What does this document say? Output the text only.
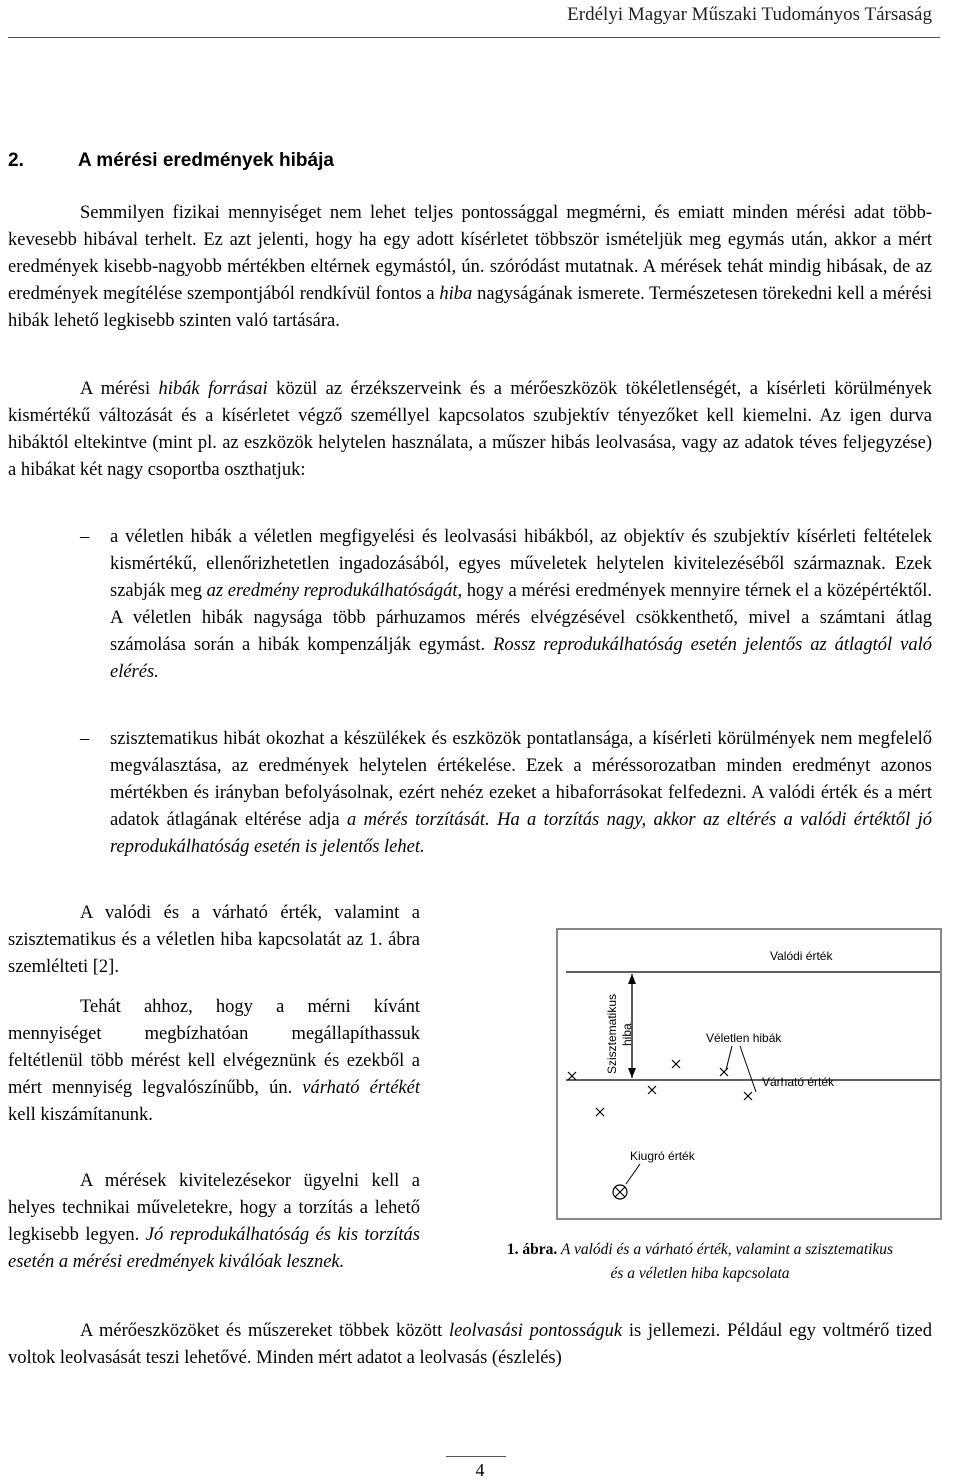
Erdélyi Magyar Műszaki Tudományos Társaság
2.	A mérési eredmények hibája

Semmilyen fizikai mennyiséget nem lehet teljes pontossággal megmérni, és emiatt minden mérési adat több-kevesebb hibával terhelt. Ez azt jelenti, hogy ha egy adott kísérletet többször ismételjük meg egymás után, akkor a mért eredmények kisebb-nagyobb mértékben eltérnek egymástól, ún. szóródást mutatnak. A mérések tehát mindig hibásak, de az eredmények megítélése szempontjából rendkívül fontos a hiba nagyságának ismerete. Természetesen törekedni kell a mérési hibák lehető legkisebb szinten való tartására.

A mérési hibák forrásai közül az érzékszerveink és a mérőeszközök tökéletlenségét, a kísérleti körülmények kismértékű változását és a kísérletet végző személlyel kapcsolatos szubjektív tényezőket kell kiemelni. Az igen durva hibáktól eltekintve (mint pl. az eszközök helytelen használata, a műszer hibás leolvasása, vagy az adatok téves feljegyzése) a hibákat két nagy csoportba oszthatjuk:

– a véletlen hibák a véletlen megfigyelési és leolvasási hibákból, az objektív és szubjektív kísérleti feltételek kismértékű, ellenőrizhetetlen ingadozásából, egyes műveletek helytelen kivitelezéséből származnak. Ezek szabják meg az eredmény reprodukálhatóságát, hogy a mérési eredmények mennyire térnek el a középértéktől. A véletlen hibák nagysága több párhuzamos mérés elvégzésével csökkenthető, mivel a számtani átlag számolása során a hibák kompenzálják egymást. Rossz reprodukálhatóság esetén jelentős az átlagtól való elérés.

– szisztematikus hibát okozhat a készülékek és eszközök pontatlansága, a kísérleti körülmények nem megfelelő megválasztása, az eredmények helytelen értékelése. Ezek a méréssorozatban minden eredményt azonos mértékben és irányban befolyásolnak, ezért nehéz ezeket a hibaforrásokat felfedezni. A valódi érték és a mért adatok átlagának eltérése adja a mérés torzítását. Ha a torzítás nagy, akkor az eltérés a valódi értéktől jó reprodukálhatóság esetén is jelentős lehet.

A valódi és a várható érték, valamint a szisztematikus és a véletlen hiba kapcsolatát az 1. ábra szemlélteti [2].

Tehát ahhoz, hogy a mérni kívánt mennyiséget megbízhatóan megállapíthassuk feltétlenül több mérést kell elvégeznünk és ezekből a mért mennyiség legvalószínűbb, ún. várható értékét kell kiszámítanunk.

A mérések kivitelezésekor ügyelni kell a helyes technikai műveletekre, hogy a torzítás a lehető legkisebb legyen. Jó reprodukálhatóság és kis torzítás esetén a mérési eredmények kiválóak lesznek.

Valódi érték
Szisztematikus hiba	Véletlen hibák
Várható érték
Kiugró érték
1. ábra. A valódi és a várható érték, valamint a szisztematikus
és a véletlen hiba kapcsolata

A mérőeszközöket és műszereket többek között leolvasási pontosságuk is jellemezi. Például egy voltmérő tized voltok leolvasását teszi lehetővé. Minden mért adatot a leolvasás (észlelés)

4
